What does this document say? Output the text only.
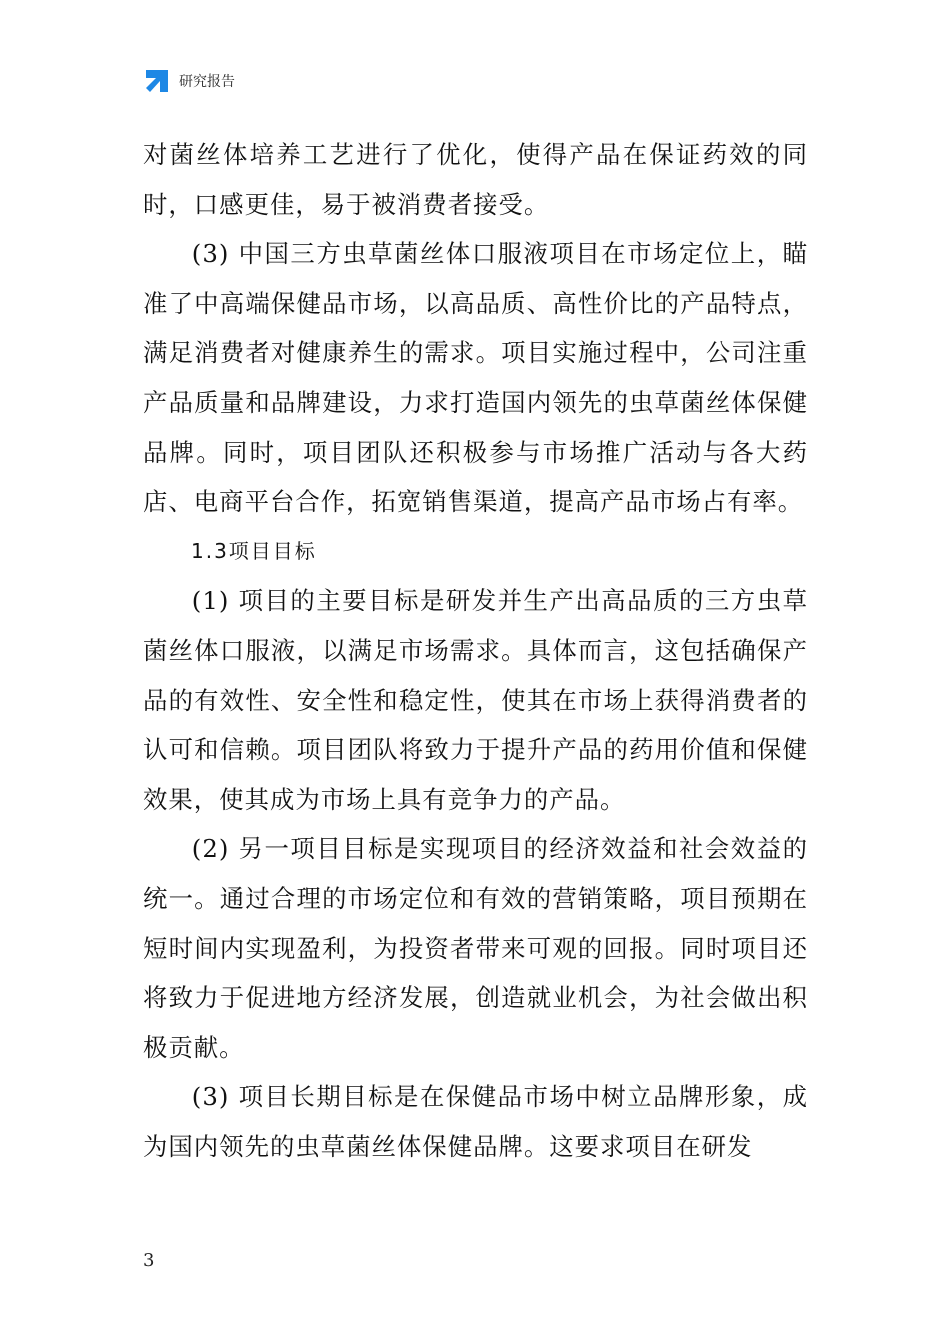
研究报告

对菌丝体培养工艺进行了优化，使得产品在保证药效的同时，口感更佳，易于被消费者接受。

(3) 中国三方虫草菌丝体口服液项目在市场定位上，瞄准了中高端保健品市场，以高品质、高性价比的产品特点，满足消费者对健康养生的需求。项目实施过程中，公司注重产品质量和品牌建设，力求打造国内领先的虫草菌丝体保健品牌。同时，项目团队还积极参与市场推广活动与各大药店、电商平台合作，拓宽销售渠道，提高产品市场占有率。

1.3项目目标

(1) 项目的主要目标是研发并生产出高品质的三方虫草菌丝体口服液，以满足市场需求。具体而言，这包括确保产品的有效性、安全性和稳定性，使其在市场上获得消费者的认可和信赖。项目团队将致力于提升产品的药用价值和保健效果，使其成为市场上具有竞争力的产品。

(2) 另一项目目标是实现项目的经济效益和社会效益的统一。通过合理的市场定位和有效的营销策略，项目预期在短时间内实现盈利，为投资者带来可观的回报。同时项目还将致力于促进地方经济发展，创造就业机会，为社会做出积极贡献。

(3) 项目长期目标是在保健品市场中树立品牌形象，成为国内领先的虫草菌丝体保健品牌。这要求项目在研发

3
